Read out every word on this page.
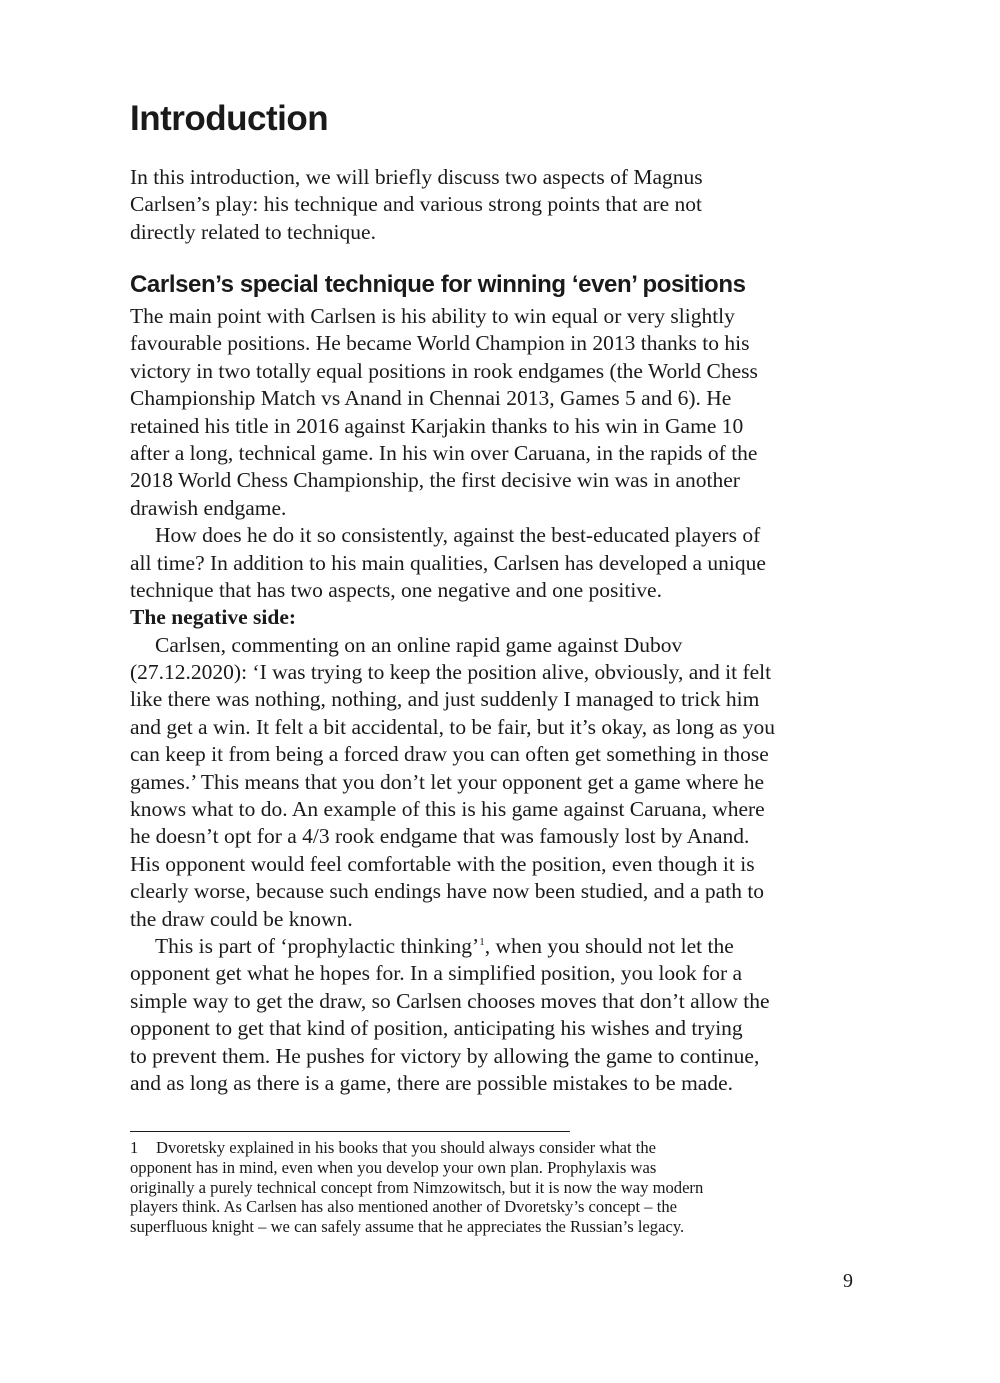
Introduction
In this introduction, we will briefly discuss two aspects of Magnus
Carlsen’s play: his technique and various strong points that are not
directly related to technique.
Carlsen’s special technique for winning ‘even’ positions
The main point with Carlsen is his ability to win equal or very slightly
favourable positions. He became World Champion in 2013 thanks to his
victory in two totally equal positions in rook endgames (the World Chess
Championship Match vs Anand in Chennai 2013, Games 5 and 6). He
retained his title in 2016 against Karjakin thanks to his win in Game 10
after a long, technical game. In his win over Caruana, in the rapids of the
2018 World Chess Championship, the first decisive win was in another
drawish endgame.
How does he do it so consistently, against the best-educated players of
all time? In addition to his main qualities, Carlsen has developed a unique
technique that has two aspects, one negative and one positive.
The negative side:
Carlsen, commenting on an online rapid game against Dubov
(27.12.2020): ‘I was trying to keep the position alive, obviously, and it felt
like there was nothing, nothing, and just suddenly I managed to trick him
and get a win. It felt a bit accidental, to be fair, but it’s okay, as long as you
can keep it from being a forced draw you can often get something in those
games.’ This means that you don’t let your opponent get a game where he
knows what to do. An example of this is his game against Caruana, where
he doesn’t opt for a 4/3 rook endgame that was famously lost by Anand.
His opponent would feel comfortable with the position, even though it is
clearly worse, because such endings have now been studied, and a path to
the draw could be known.
This is part of ‘prophylactic thinking’$^1$, when you should not let the
opponent get what he hopes for. In a simplified position, you look for a
simple way to get the draw, so Carlsen chooses moves that don’t allow the
opponent to get that kind of position, anticipating his wishes and trying
to prevent them. He pushes for victory by allowing the game to continue,
and as long as there is a game, there are possible mistakes to be made.
1 Dvoretsky explained in his books that you should always consider what the
opponent has in mind, even when you develop your own plan. Prophylaxis was
originally a purely technical concept from Nimzowitsch, but it is now the way modern
players think. As Carlsen has also mentioned another of Dvoretsky’s concept – the
superfluous knight – we can safely assume that he appreciates the Russian’s legacy.
9
